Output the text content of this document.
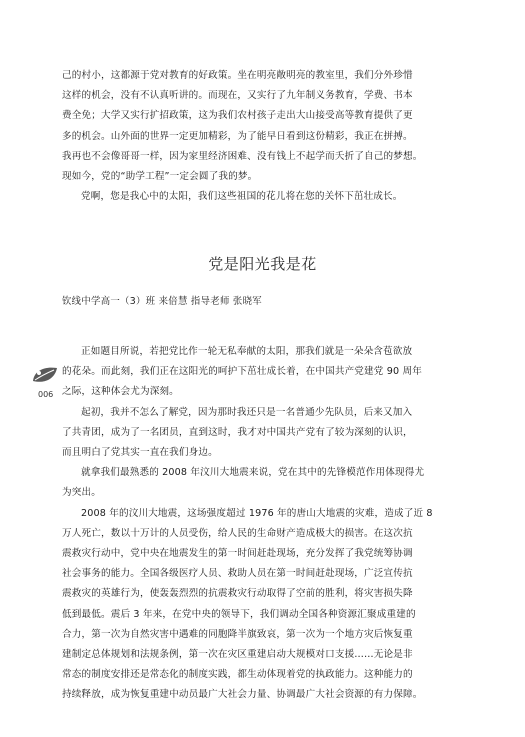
己的村小，这都源于党对教育的好政策。坐在明亮敞明亮的教室里，我们分外珍惜
这样的机会，没有不认真听讲的。而现在，又实行了九年制义务教育，学费、书本
费全免；大学又实行扩招政策，这为我们农村孩子走出大山接受高等教育提供了更
多的机会。山外面的世界一定更加精彩，为了能早日看到这份精彩，我正在拼搏。
我再也不会像哥哥一样，因为家里经济困难、没有钱上不起学而夭折了自己的梦想。
现如今，党的“助学工程”一定会圆了我的梦。
党啊，您是我心中的太阳，我们这些祖国的花儿将在您的关怀下茁壮成长。
党是阳光我是花
钦线中学高一（3）班 来倍慧 指导老师 张晓军
006
正如题目所说，若把党比作一轮无私奉献的太阳，那我们就是一朵朵含苞欲放
的花朵。而此刻，我们正在这阳光的呵护下茁壮成长着，在中国共产党建党 90 周年
之际，这种体会尤为深刻。
起初，我并不怎么了解党，因为那时我还只是一名普通少先队员，后来又加入
了共青团，成为了一名团员，直到这时，我才对中国共产党有了较为深刻的认识，
而且明白了党其实一直在我们身边。
就拿我们最熟悉的 2008 年汶川大地震来说，党在其中的先锋模范作用体现得尤
为突出。
2008 年的汶川大地震，这场强度超过 1976 年的唐山大地震的灾难，造成了近 8
万人死亡，数以十万计的人员受伤，给人民的生命财产造成极大的损害。在这次抗
震救灾行动中，党中央在地震发生的第一时间赶赴现场，充分发挥了我党统筹协调
社会事务的能力。全国各级医疗人员、救助人员在第一时间赶赴现场，广泛宣传抗
震救灾的英雄行为，使轰轰烈烈的抗震救灾行动取得了空前的胜利，将灾害损失降
低到最低。震后 3 年来，在党中央的领导下，我们调动全国各种资源汇聚成重建的
合力，第一次为自然灾害中遇难的同胞降半旗致哀，第一次为一个地方灾后恢复重
建制定总体规划和法规条例，第一次在灾区重建启动大规模对口支援……无论是非
常态的制度安排还是常态化的制度实践，都生动体现着党的执政能力。这种能力的
持续释放，成为恢复重建中动员最广大社会力量、协调最广大社会资源的有力保障。
